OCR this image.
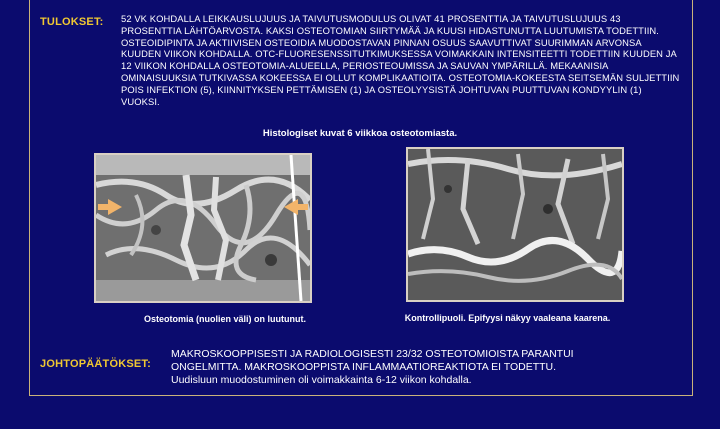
TULOKSET: 52 VK KOHDALLA LEIKKAUSLUJUUS JA TAIVUTUSMODULUS OLIVAT 41 PROSENTTIA JA TAIVUTUSLUJUUS 43 PROSENTTIA LÄHTÖARVOSTA. KAKSI OSTEOTOMIAN SIIRTYMÄÄ JA KUUSI HIDASTUNUTTA LUUTUMISTA TODETTIIN. OSTEOIDIPINTA JA AKTIIVISEN OSTEOIDIA MUODOSTAVAN PINNAN OSUUS SAAVUTTIVAT SUURIMMAN ARVONSA KUUDEN VIIKON KOHDALLA. OTC-FLUORESENSSITUTKIMUKSESSA VOIMAKKAIN INTENSITEETTI TODETTIIN KUUDEN JA 12 VIIKON KOHDALLA OSTEOTOMIA-ALUEELLA, PERIOSTEOUMISSA JA SAUVAN YMPÄRILLÄ. MEKAANISIA OMINAISUUKSIA TUTKIVASSA KOKEESSA EI OLLUT KOMPLIKAATIOITA. OSTEOTOMIA-KOKEESTA SEITSEMÄN SULJETTIIN POIS INFEKTION (5), KIINNITYKSEN PETTÄMISEN (1) JA OSTEOLYYSISTÄ JOHTUVAN PUUTTUVAN KONDYYLIN (1) VUOKSI.
Histologiset kuvat 6 viikkoa osteotomiasta.
Osteotomia (nuolien väli) on luutunut.	Kontrollipuoli. Epifyysi näkyy vaaleana kaarena.
JOHTOPÄÄTÖKSET:
MAKROSKOOPPISESTI JA RADIOLOGISESTI 23/32 OSTEOTOMIOISTA PARANTUI
ONGELMITTA. MAKROSKOOPPISTA INFLAMMAATIOREAKTIOTA EI TODETTU.
Uudisluun muodostuminen oli voimakkainta 6-12 viikon kohdalla.
